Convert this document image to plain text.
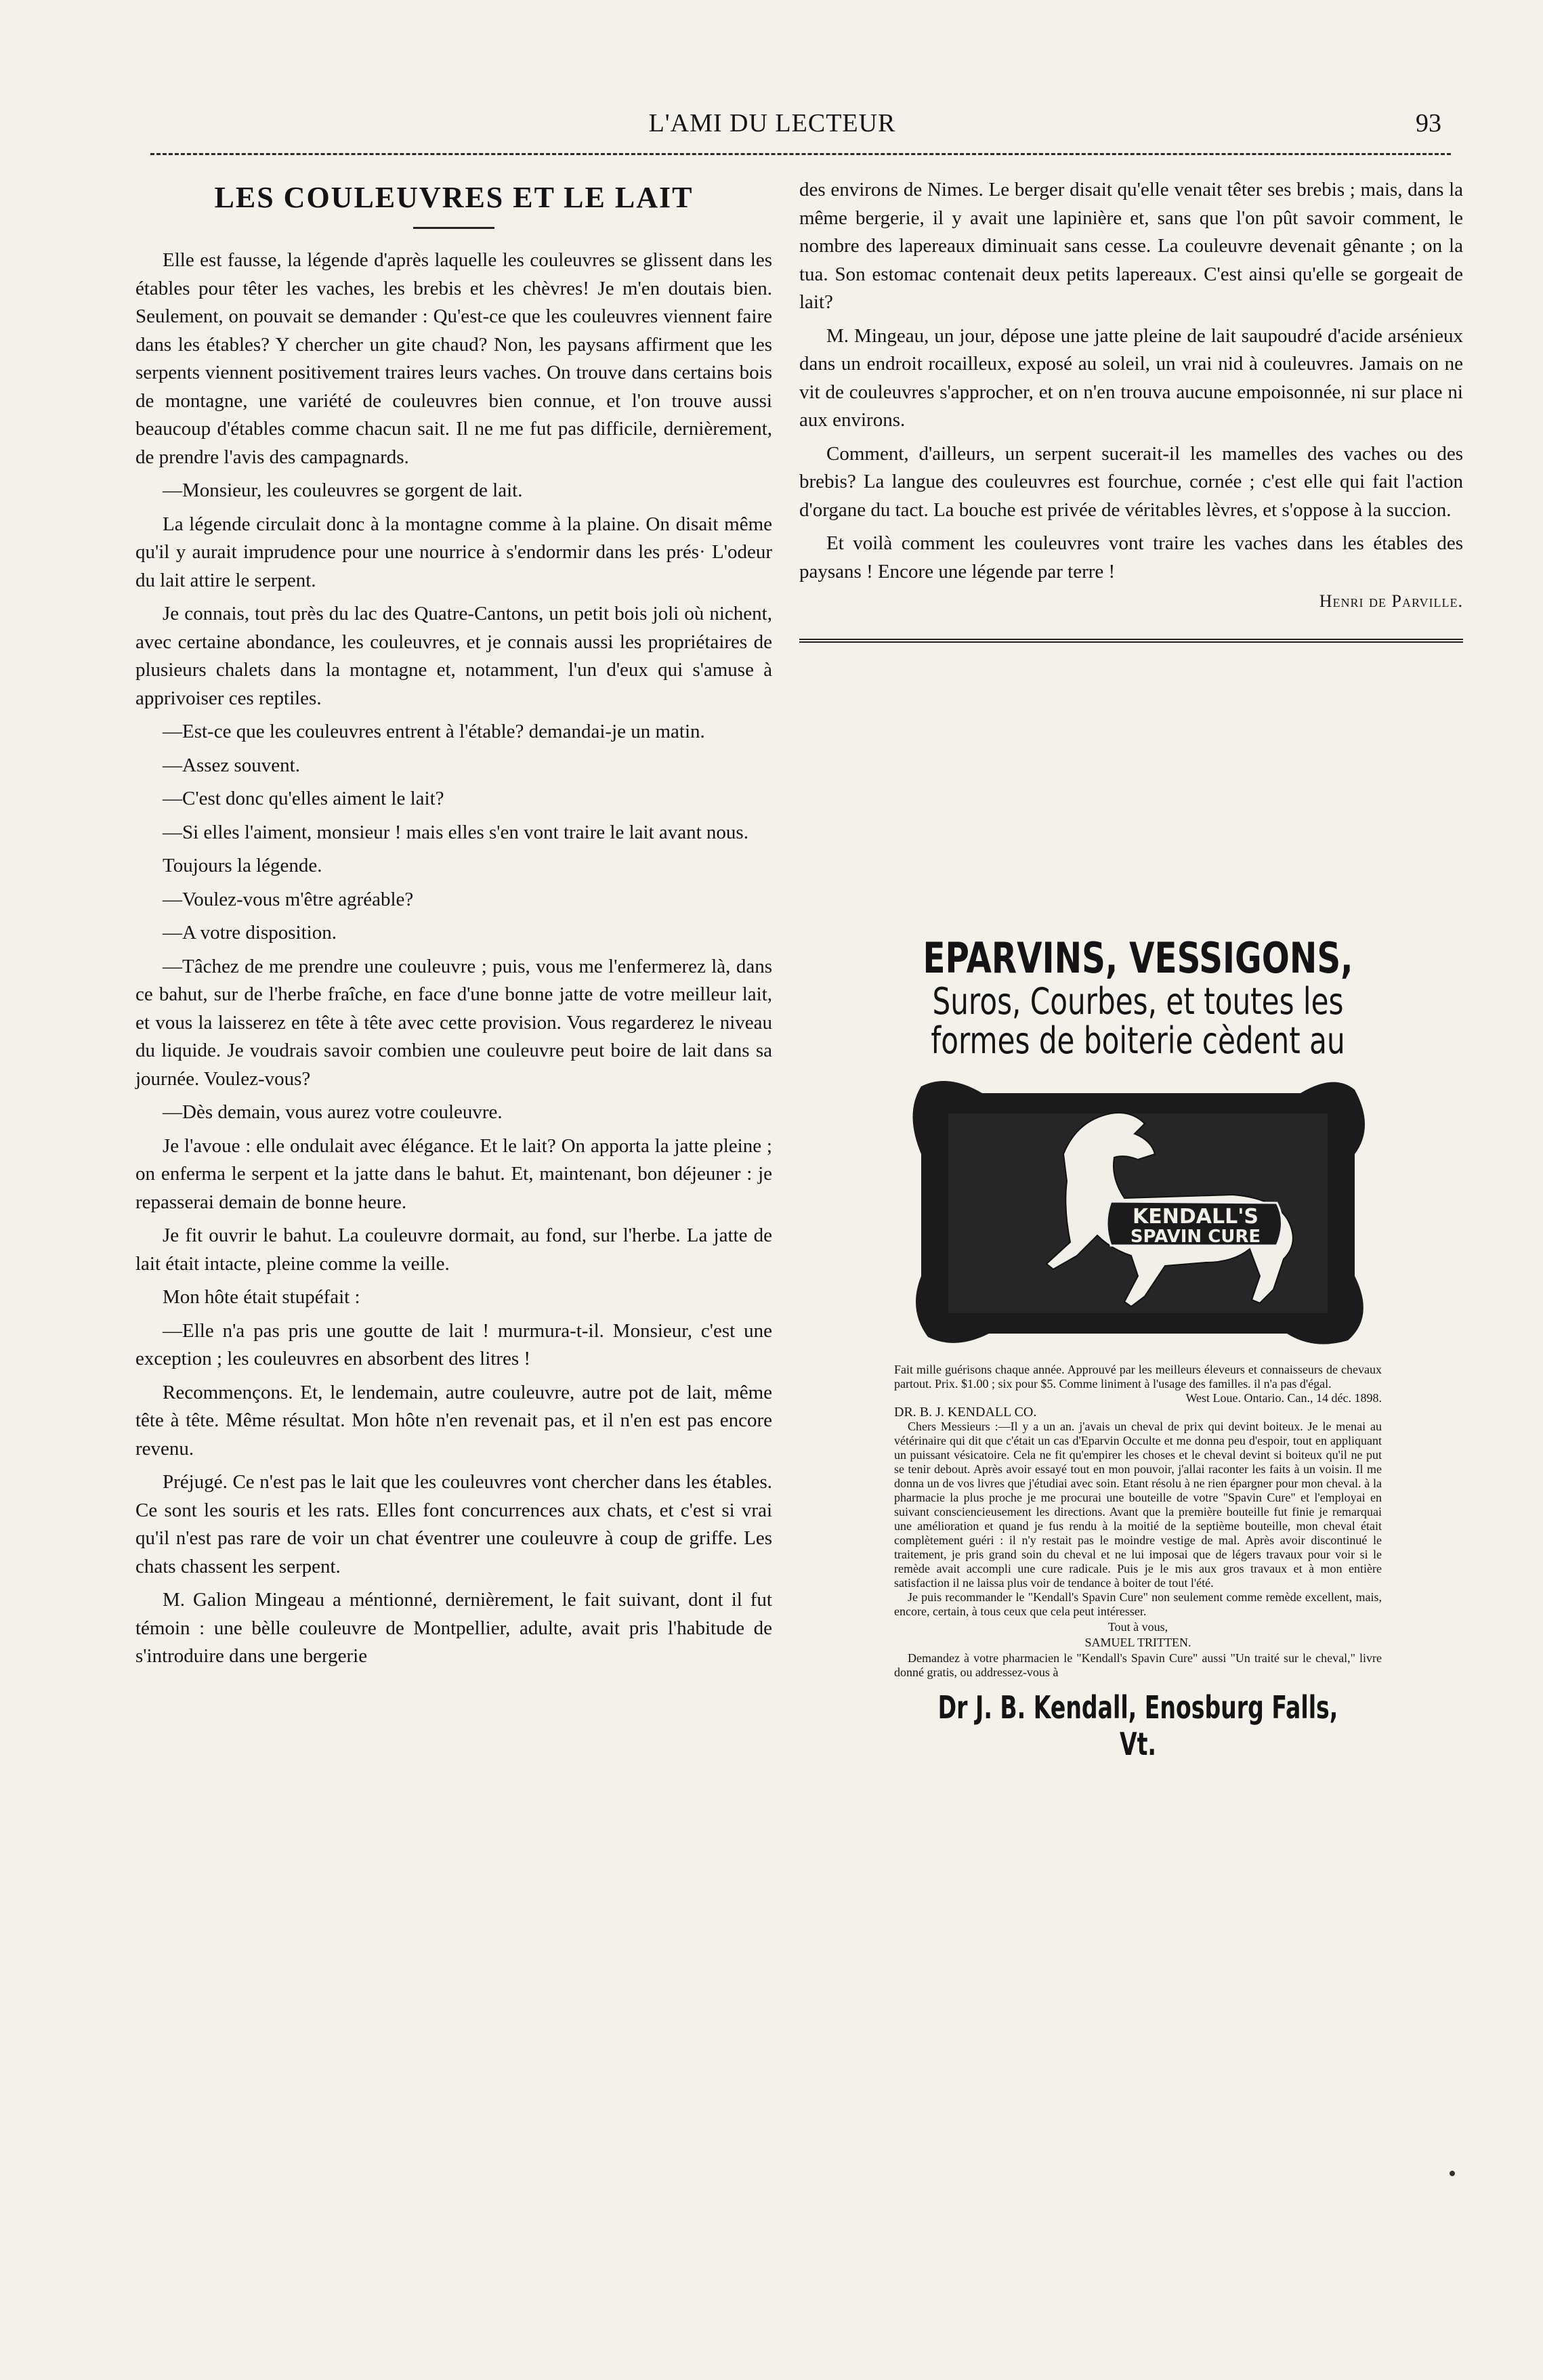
L'AMI DU LECTEUR	93
LES COULEUVRES ET LE LAIT

Elle est fausse, la légende d'après laquelle les couleuvres se glissent dans les étables pour têter les vaches, les brebis et les chèvres! Je m'en doutais bien. Seulement, on pouvait se demander : Qu'est-ce que les couleuvres viennent faire dans les étables? Y chercher un gite chaud? Non, les paysans affirment que les serpents viennent positivement traires leurs vaches. On trouve dans certains bois de montagne, une variété de couleuvres bien connue, et l'on trouve aussi beaucoup d'étables comme chacun sait. Il ne me fut pas difficile, dernièrement, de prendre l'avis des campagnards.

—Monsieur, les couleuvres se gorgent de lait.

La légende circulait donc à la montagne comme à la plaine. On disait même qu'il y aurait imprudence pour une nourrice à s'endormir dans les prés· L'odeur du lait attire le serpent.

Je connais, tout près du lac des Quatre-Cantons, un petit bois joli où nichent, avec certaine abondance, les couleuvres, et je connais aussi les propriétaires de plusieurs chalets dans la montagne et, notamment, l'un d'eux qui s'amuse à apprivoiser ces reptiles.

—Est-ce que les couleuvres entrent à l'étable? demandai-je un matin.

—Assez souvent.

—C'est donc qu'elles aiment le lait?

—Si elles l'aiment, monsieur ! mais elles s'en vont traire le lait avant nous.

Toujours la légende.

—Voulez-vous m'être agréable?

—A votre disposition.

—Tâchez de me prendre une couleuvre ; puis, vous me l'enfermerez là, dans ce bahut, sur de l'herbe fraîche, en face d'une bonne jatte de votre meilleur lait, et vous la laisserez en tête à tête avec cette provision. Vous regarderez le niveau du liquide. Je voudrais savoir combien une couleuvre peut boire de lait dans sa journée. Voulez-vous?

—Dès demain, vous aurez votre couleuvre.

Je l'avoue : elle ondulait avec élégance. Et le lait? On apporta la jatte pleine ; on enferma le serpent et la jatte dans le bahut. Et, maintenant, bon déjeuner : je repasserai demain de bonne heure.

Je fit ouvrir le bahut. La couleuvre dormait, au fond, sur l'herbe. La jatte de lait était intacte, pleine comme la veille.

Mon hôte était stupéfait :

—Elle n'a pas pris une goutte de lait ! murmura-t-il. Monsieur, c'est une exception ; les couleuvres en absorbent des litres !

Recommençons. Et, le lendemain, autre couleuvre, autre pot de lait, même tête à tête. Même résultat. Mon hôte n'en revenait pas, et il n'en est pas encore revenu.

Préjugé. Ce n'est pas le lait que les couleuvres vont chercher dans les étables. Ce sont les souris et les rats. Elles font concurrences aux chats, et c'est si vrai qu'il n'est pas rare de voir un chat éventrer une couleuvre à coup de griffe. Les chats chassent les serpent.

M. Galion Mingeau a méntionné, dernièrement, le fait suivant, dont il fut témoin : une bèlle couleuvre de Montpellier, adulte, avait pris l'habitude de s'introduire dans une bergerie

des environs de Nimes. Le berger disait qu'elle venait têter ses brebis ; mais, dans la même bergerie, il y avait une lapinière et, sans que l'on pût savoir comment, le nombre des lapereaux diminuait sans cesse. La couleuvre devenait gênante ; on la tua. Son estomac contenait deux petits lapereaux. C'est ainsi qu'elle se gorgeait de lait?

M. Mingeau, un jour, dépose une jatte pleine de lait saupoudré d'acide arsénieux dans un endroit rocailleux, exposé au soleil, un vrai nid à couleuvres. Jamais on ne vit de couleuvres s'approcher, et on n'en trouva aucune empoisonnée, ni sur place ni aux environs.

Comment, d'ailleurs, un serpent sucerait-il les mamelles des vaches ou des brebis? La langue des couleuvres est fourchue, cornée ; c'est elle qui fait l'action d'organe du tact. La bouche est privée de véritables lèvres, et s'oppose à la succion.

Et voilà comment les couleuvres vont traire les vaches dans les étables des paysans ! Encore une légende par terre !

Henri de Parville.
EPARVINS, VESSIGONS,
Suros, Courbes, et toutes les
formes de boiterie cèdent au
KENDALL'S
SPAVIN CURE

Fait mille guérisons chaque année. Approuvé par les meilleurs éleveurs et connaisseurs de chevaux partout. Prix. $1.00 ; six pour $5. Comme liniment à l'usage des familles. il n'a pas d'égal.

West Loue. Ontario. Can., 14 déc. 1898.

DR. B. J. KENDALL CO.

Chers Messieurs :—Il y a un an. j'avais un cheval de prix qui devint boiteux. Je le menai au vétérinaire qui dit que c'était un cas d'Eparvin Occulte et me donna peu d'espoir, tout en appliquant un puissant vésicatoire. Cela ne fit qu'empirer les choses et le cheval devint si boiteux qu'il ne put se tenir debout. Après avoir essayé tout en mon pouvoir, j'allai raconter les faits à un voisin. Il me donna un de vos livres que j'étudiai avec soin. Etant résolu à ne rien épargner pour mon cheval. à la pharmacie la plus proche je me procurai une bouteille de votre "Spavin Cure" et l'employai en suivant consciencieusement les directions. Avant que la première bouteille fut finie je remarquai une amélioration et quand je fus rendu à la moitié de la septième bouteille, mon cheval était complètement guéri : il n'y restait pas le moindre vestige de mal. Après avoir discontinué le traitement, je pris grand soin du cheval et ne lui imposai que de légers travaux pour voir si le remède avait accompli une cure radicale. Puis je le mis aux gros travaux et à mon entière satisfaction il ne laissa plus voir de tendance à boiter de tout l'été.

Je puis recommander le "Kendall's Spavin Cure" non seulement comme remède excellent, mais, encore, certain, à tous ceux que cela peut intéresser.

Tout à vous,

SAMUEL TRITTEN.

Demandez à votre pharmacien le "Kendall's Spavin Cure" aussi "Un traité sur le cheval," livre donné gratis, ou addressez-vous à

Dr J. B. Kendall, Enosburg Falls, Vt.
